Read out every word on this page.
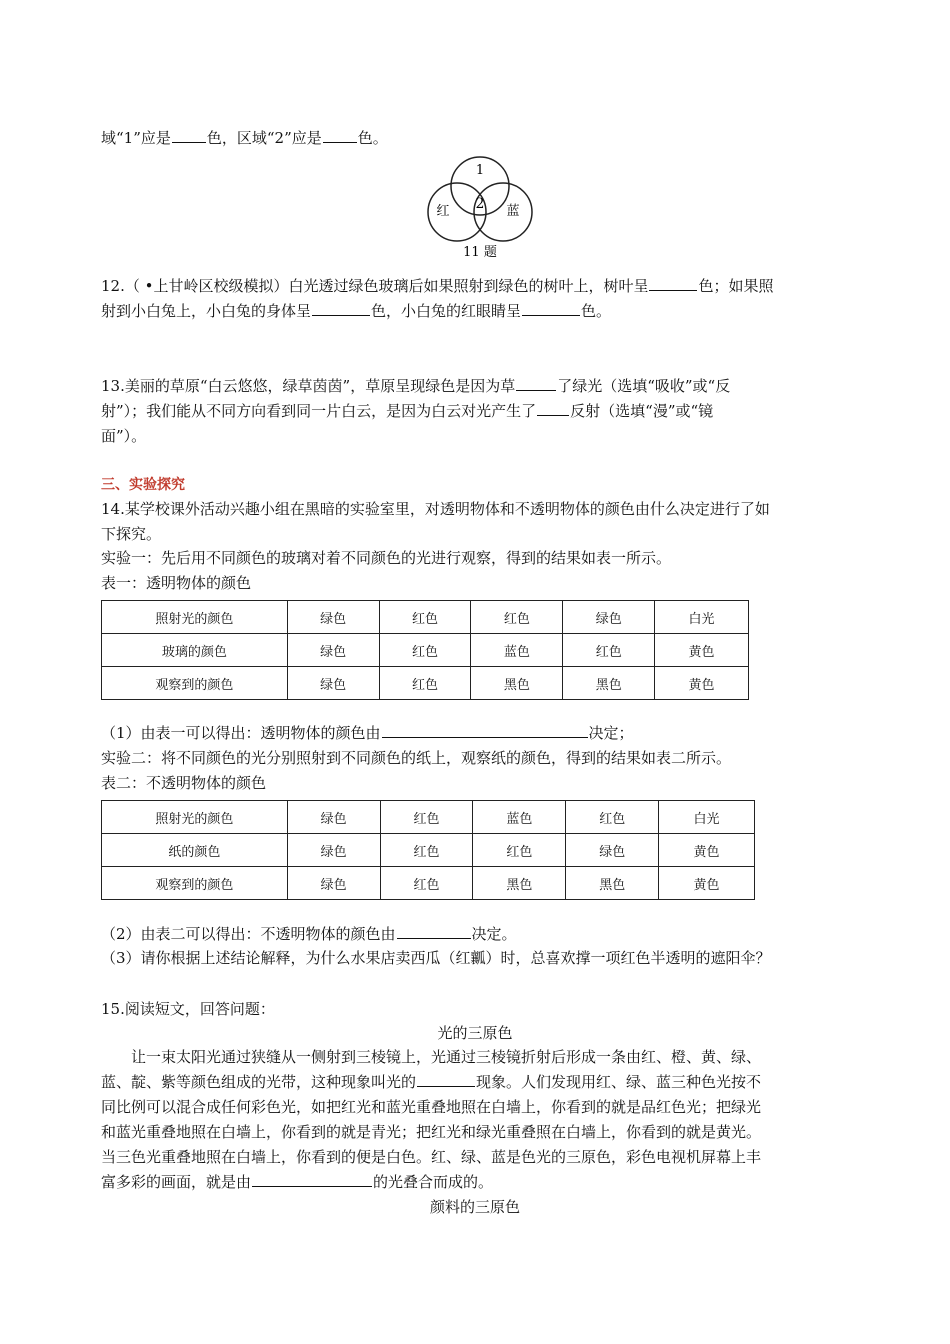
域“1”应是 色，区域“2”应是 色。
1
2
红	蓝
11 题
12.（ •上甘岭区校级模拟）白光透过绿色玻璃后如果照射到绿色的树叶上，树叶呈	色；如果照
射到小白兔上，小白兔的身体呈	色，小白兔的红眼睛呈	色。
13.美丽的草原“白云悠悠，绿草茵茵”，草原呈现绿色是因为草	了绿光（选填“吸收”或“反
射”）；我们能从不同方向看到同一片白云，是因为白云对光产生了 反射（选填“漫”或“镜
面”）。
三、实验探究
14.某学校课外活动兴趣小组在黑暗的实验室里，对透明物体和不透明物体的颜色由什么决定进行了如
下探究。
实验一：先后用不同颜色的玻璃对着不同颜色的光进行观察，得到的结果如表一所示。
表一：透明物体的颜色
照射光的颜色	绿色	红色	红色	绿色	白光
玻璃的颜色	绿色	红色	蓝色	红色	黄色
观察到的颜色	绿色	红色	黑色	黑色	黄色
（1）由表一可以得出：透明物体的颜色由	决定；
实验二：将不同颜色的光分别照射到不同颜色的纸上，观察纸的颜色，得到的结果如表二所示。
表二：不透明物体的颜色
照射光的颜色	绿色	红色	蓝色	红色	白光
纸的颜色	绿色	红色	红色	绿色	黄色
观察到的颜色	绿色	红色	黑色	黑色	黄色
（2）由表二可以得出：不透明物体的颜色由	决定。
（3）请你根据上述结论解释，为什么水果店卖西瓜（红瓤）时，总喜欢撑一项红色半透明的遮阳伞？
15.阅读短文，回答问题：
光的三原色
让一束太阳光通过狭缝从一侧射到三棱镜上，光通过三棱镜折射后形成一条由红、橙、黄、绿、
蓝、靛、紫等颜色组成的光带，这种现象叫光的	现象。人们发现用红、绿、蓝三种色光按不
同比例可以混合成任何彩色光，如把红光和蓝光重叠地照在白墙上，你看到的就是品红色光；把绿光
和蓝光重叠地照在白墙上，你看到的就是青光；把红光和绿光重叠照在白墙上，你看到的就是黄光。
当三色光重叠地照在白墙上，你看到的便是白色。红、绿、蓝是色光的三原色，彩色电视机屏幕上丰
富多彩的画面，就是由	的光叠合而成的。
颜料的三原色
